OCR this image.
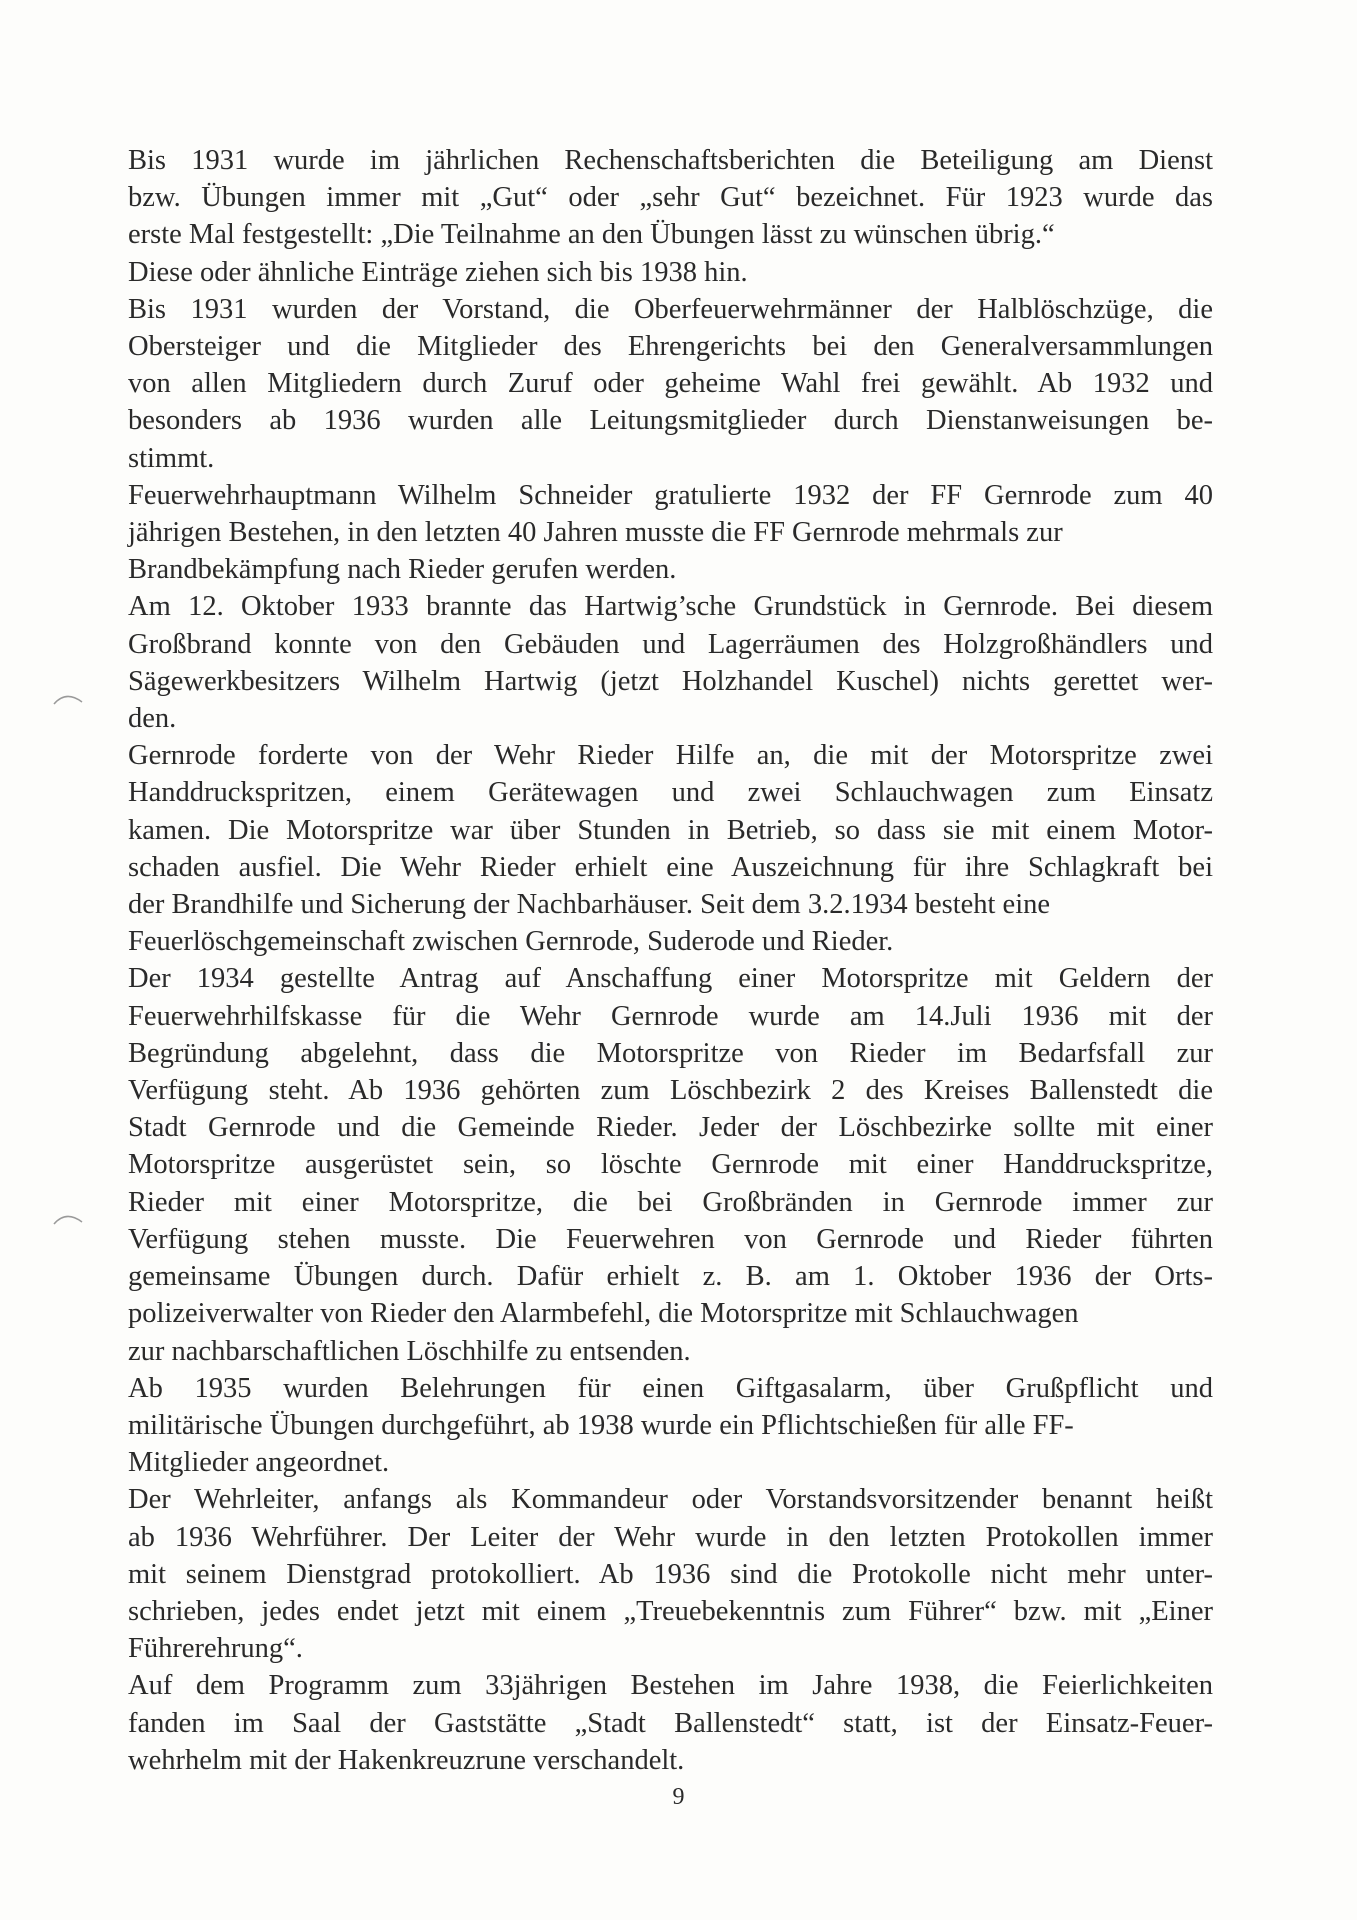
Bis 1931 wurde im jährlichen Rechenschaftsberichten die Beteiligung am Dienst
bzw. Übungen immer mit „Gut“ oder „sehr Gut“ bezeichnet. Für 1923 wurde das
erste Mal festgestellt: „Die Teilnahme an den Übungen lässt zu wünschen übrig.“
Diese oder ähnliche Einträge ziehen sich bis 1938 hin.
Bis 1931 wurden der Vorstand, die Oberfeuerwehrmänner der Halblöschzüge, die
Obersteiger und die Mitglieder des Ehrengerichts bei den Generalversammlungen
von allen Mitgliedern durch Zuruf oder geheime Wahl frei gewählt. Ab 1932 und
besonders ab 1936 wurden alle Leitungsmitglieder durch Dienstanweisungen be-
stimmt.
Feuerwehrhauptmann Wilhelm Schneider gratulierte 1932 der FF Gernrode zum 40
jährigen Bestehen, in den letzten 40 Jahren musste die FF Gernrode mehrmals zur
Brandbekämpfung nach Rieder gerufen werden.
Am 12. Oktober 1933 brannte das Hartwig’sche Grundstück in Gernrode. Bei diesem
Großbrand konnte von den Gebäuden und Lagerräumen des Holzgroßhändlers und
Sägewerkbesitzers Wilhelm Hartwig (jetzt Holzhandel Kuschel) nichts gerettet wer-
den.
Gernrode forderte von der Wehr Rieder Hilfe an, die mit der Motorspritze zwei
Handdruckspritzen, einem Gerätewagen und zwei Schlauchwagen zum Einsatz
kamen. Die Motorspritze war über Stunden in Betrieb, so dass sie mit einem Motor-
schaden ausfiel. Die Wehr Rieder erhielt eine Auszeichnung für ihre Schlagkraft bei
der Brandhilfe und Sicherung der Nachbarhäuser. Seit dem 3.2.1934 besteht eine
Feuerlöschgemeinschaft zwischen Gernrode, Suderode und Rieder.
Der 1934 gestellte Antrag auf Anschaffung einer Motorspritze mit Geldern der
Feuerwehrhilfskasse für die Wehr Gernrode wurde am 14.Juli 1936 mit der
Begründung abgelehnt, dass die Motorspritze von Rieder im Bedarfsfall zur
Verfügung steht. Ab 1936 gehörten zum Löschbezirk 2 des Kreises Ballenstedt die
Stadt Gernrode und die Gemeinde Rieder. Jeder der Löschbezirke sollte mit einer
Motorspritze ausgerüstet sein, so löschte Gernrode mit einer Handdruckspritze,
Rieder mit einer Motorspritze, die bei Großbränden in Gernrode immer zur
Verfügung stehen musste. Die Feuerwehren von Gernrode und Rieder führten
gemeinsame Übungen durch. Dafür erhielt z. B. am 1. Oktober 1936 der Orts-
polizeiverwalter von Rieder den Alarmbefehl, die Motorspritze mit Schlauchwagen
zur nachbarschaftlichen Löschhilfe zu entsenden.
Ab 1935 wurden Belehrungen für einen Giftgasalarm, über Grußpflicht und
militärische Übungen durchgeführt, ab 1938 wurde ein Pflichtschießen für alle FF-
Mitglieder angeordnet.
Der Wehrleiter, anfangs als Kommandeur oder Vorstandsvorsitzender benannt heißt
ab 1936 Wehrführer. Der Leiter der Wehr wurde in den letzten Protokollen immer
mit seinem Dienstgrad protokolliert. Ab 1936 sind die Protokolle nicht mehr unter-
schrieben, jedes endet jetzt mit einem „Treuebekenntnis zum Führer“ bzw. mit „Einer
Führerehrung“.
Auf dem Programm zum 33jährigen Bestehen im Jahre 1938, die Feierlichkeiten
fanden im Saal der Gaststätte „Stadt Ballenstedt“ statt, ist der Einsatz-Feuer-
wehrhelm mit der Hakenkreuzrune verschandelt.
9
